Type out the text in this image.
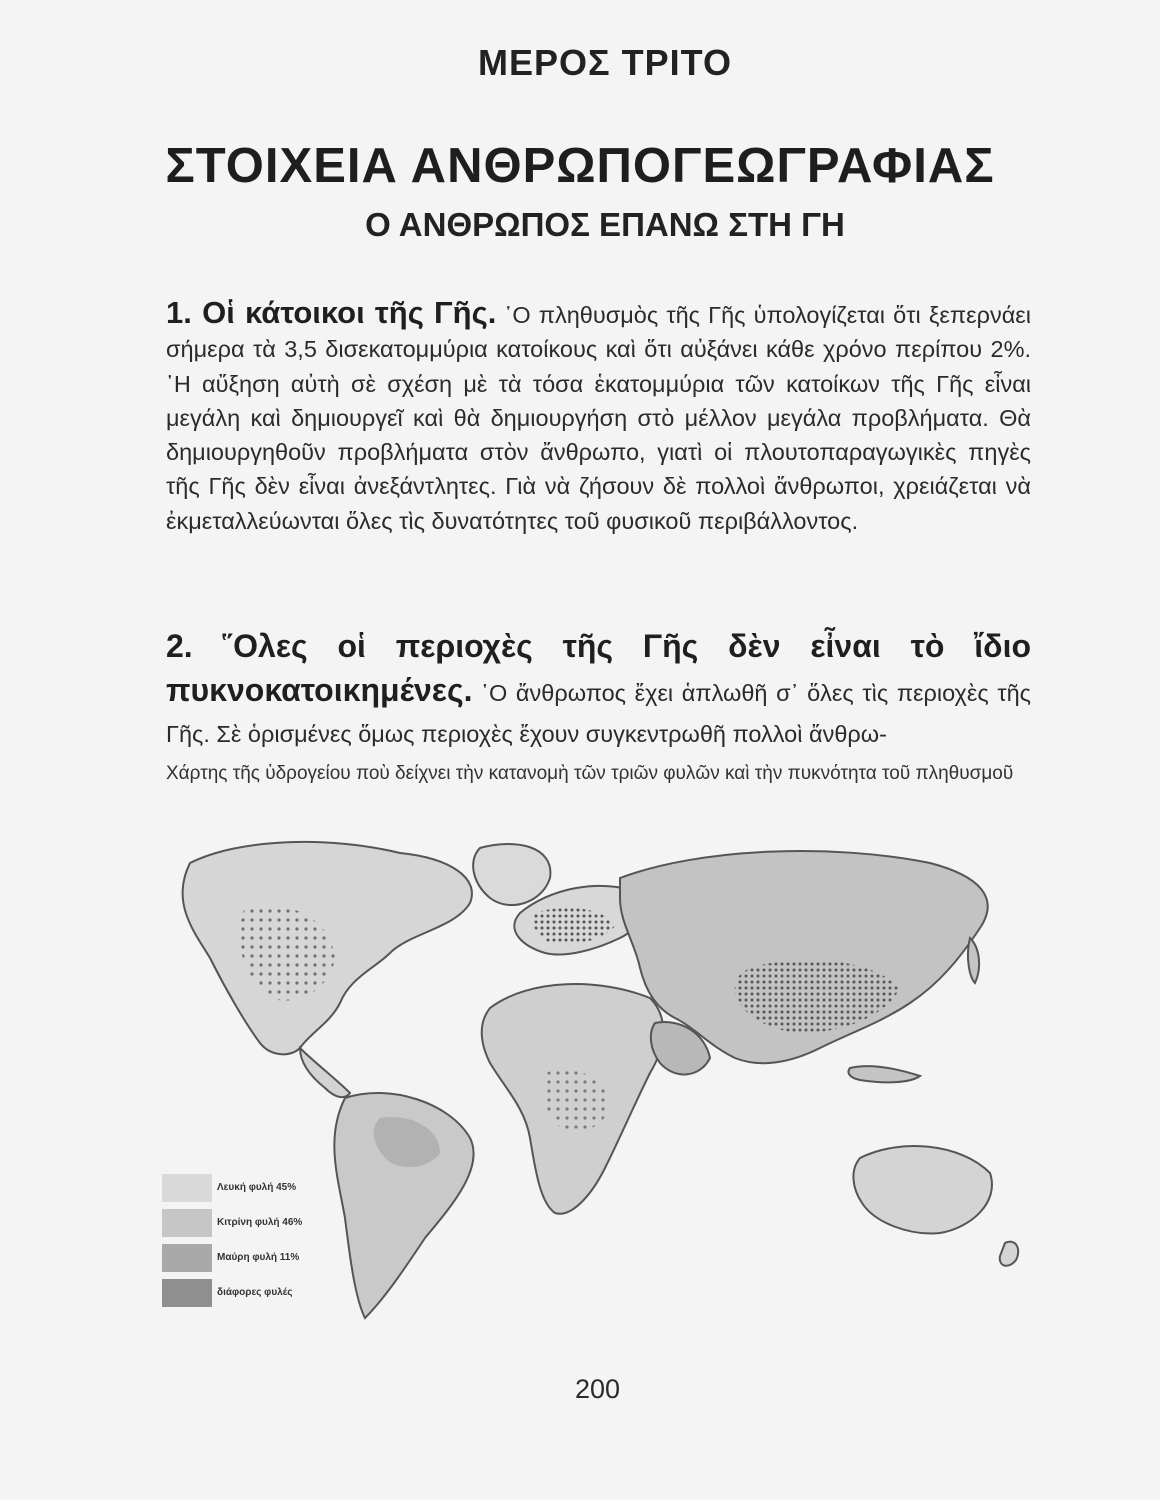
ΜΕΡΟΣ ΤΡΙΤΟ
ΣΤΟΙΧΕΙΑ ΑΝΘΡΩΠΟΓΕΩΓΡΑΦΙΑΣ
Ο ΑΝΘΡΩΠΟΣ ΕΠΑΝΩ ΣΤΗ ΓΗ
1. Οἱ κάτοικοι τῆς Γῆς. ῾Ο πληθυσμὸς τῆς Γῆς ὑπολογίζεται ὅτι ξεπερνάει σήμερα τὰ 3,5 δισεκατομμύρια κατοίκους καὶ ὅτι αὐξάνει κάθε χρόνο περίπου 2%. ῾Η αὔξηση αὐτὴ σὲ σχέση μὲ τὰ τόσα ἑκατομμύρια τῶν κατοίκων τῆς Γῆς εἶναι μεγάλη καὶ δημιουργεῖ καὶ θὰ δημιουργήση στὸ μέλλον μεγάλα προβλήματα. Θὰ δημιουργηθοῦν προβλήματα στὸν ἄνθρωπο, γιατὶ οἱ πλουτοπαραγωγικὲς πηγὲς τῆς Γῆς δὲν εἶναι ἀνεξάντλητες. Γιὰ νὰ ζήσουν δὲ πολλοὶ ἄνθρωποι, χρειάζεται νὰ ἐκμεταλλεύωνται ὅλες τὶς δυνατότητες τοῦ φυσικοῦ περιβάλλοντος.
2. ῞Ολες οἱ περιοχὲς τῆς Γῆς δὲν εἶναι τὸ ἴδιο πυκνοκατοικημένες. ῾Ο ἄνθρωπος ἔχει ἁπλωθῆ σ᾽ ὅλες τὶς περιοχὲς τῆς Γῆς. Σὲ ὁρισμένες ὅμως περιοχὲς ἔχουν συγκεντρωθῆ πολλοὶ ἄνθρω-
Χάρτης τῆς ὑδρογείου ποὺ δείχνει τὴν κατανομὴ τῶν τριῶν φυλῶν καὶ τὴν πυκνότητα τοῦ πληθυσμοῦ
Λευκή φυλή 45%
Κιτρίνη φυλή 46%
Μαύρη φυλή 11%
διάφορες φυλές
200
